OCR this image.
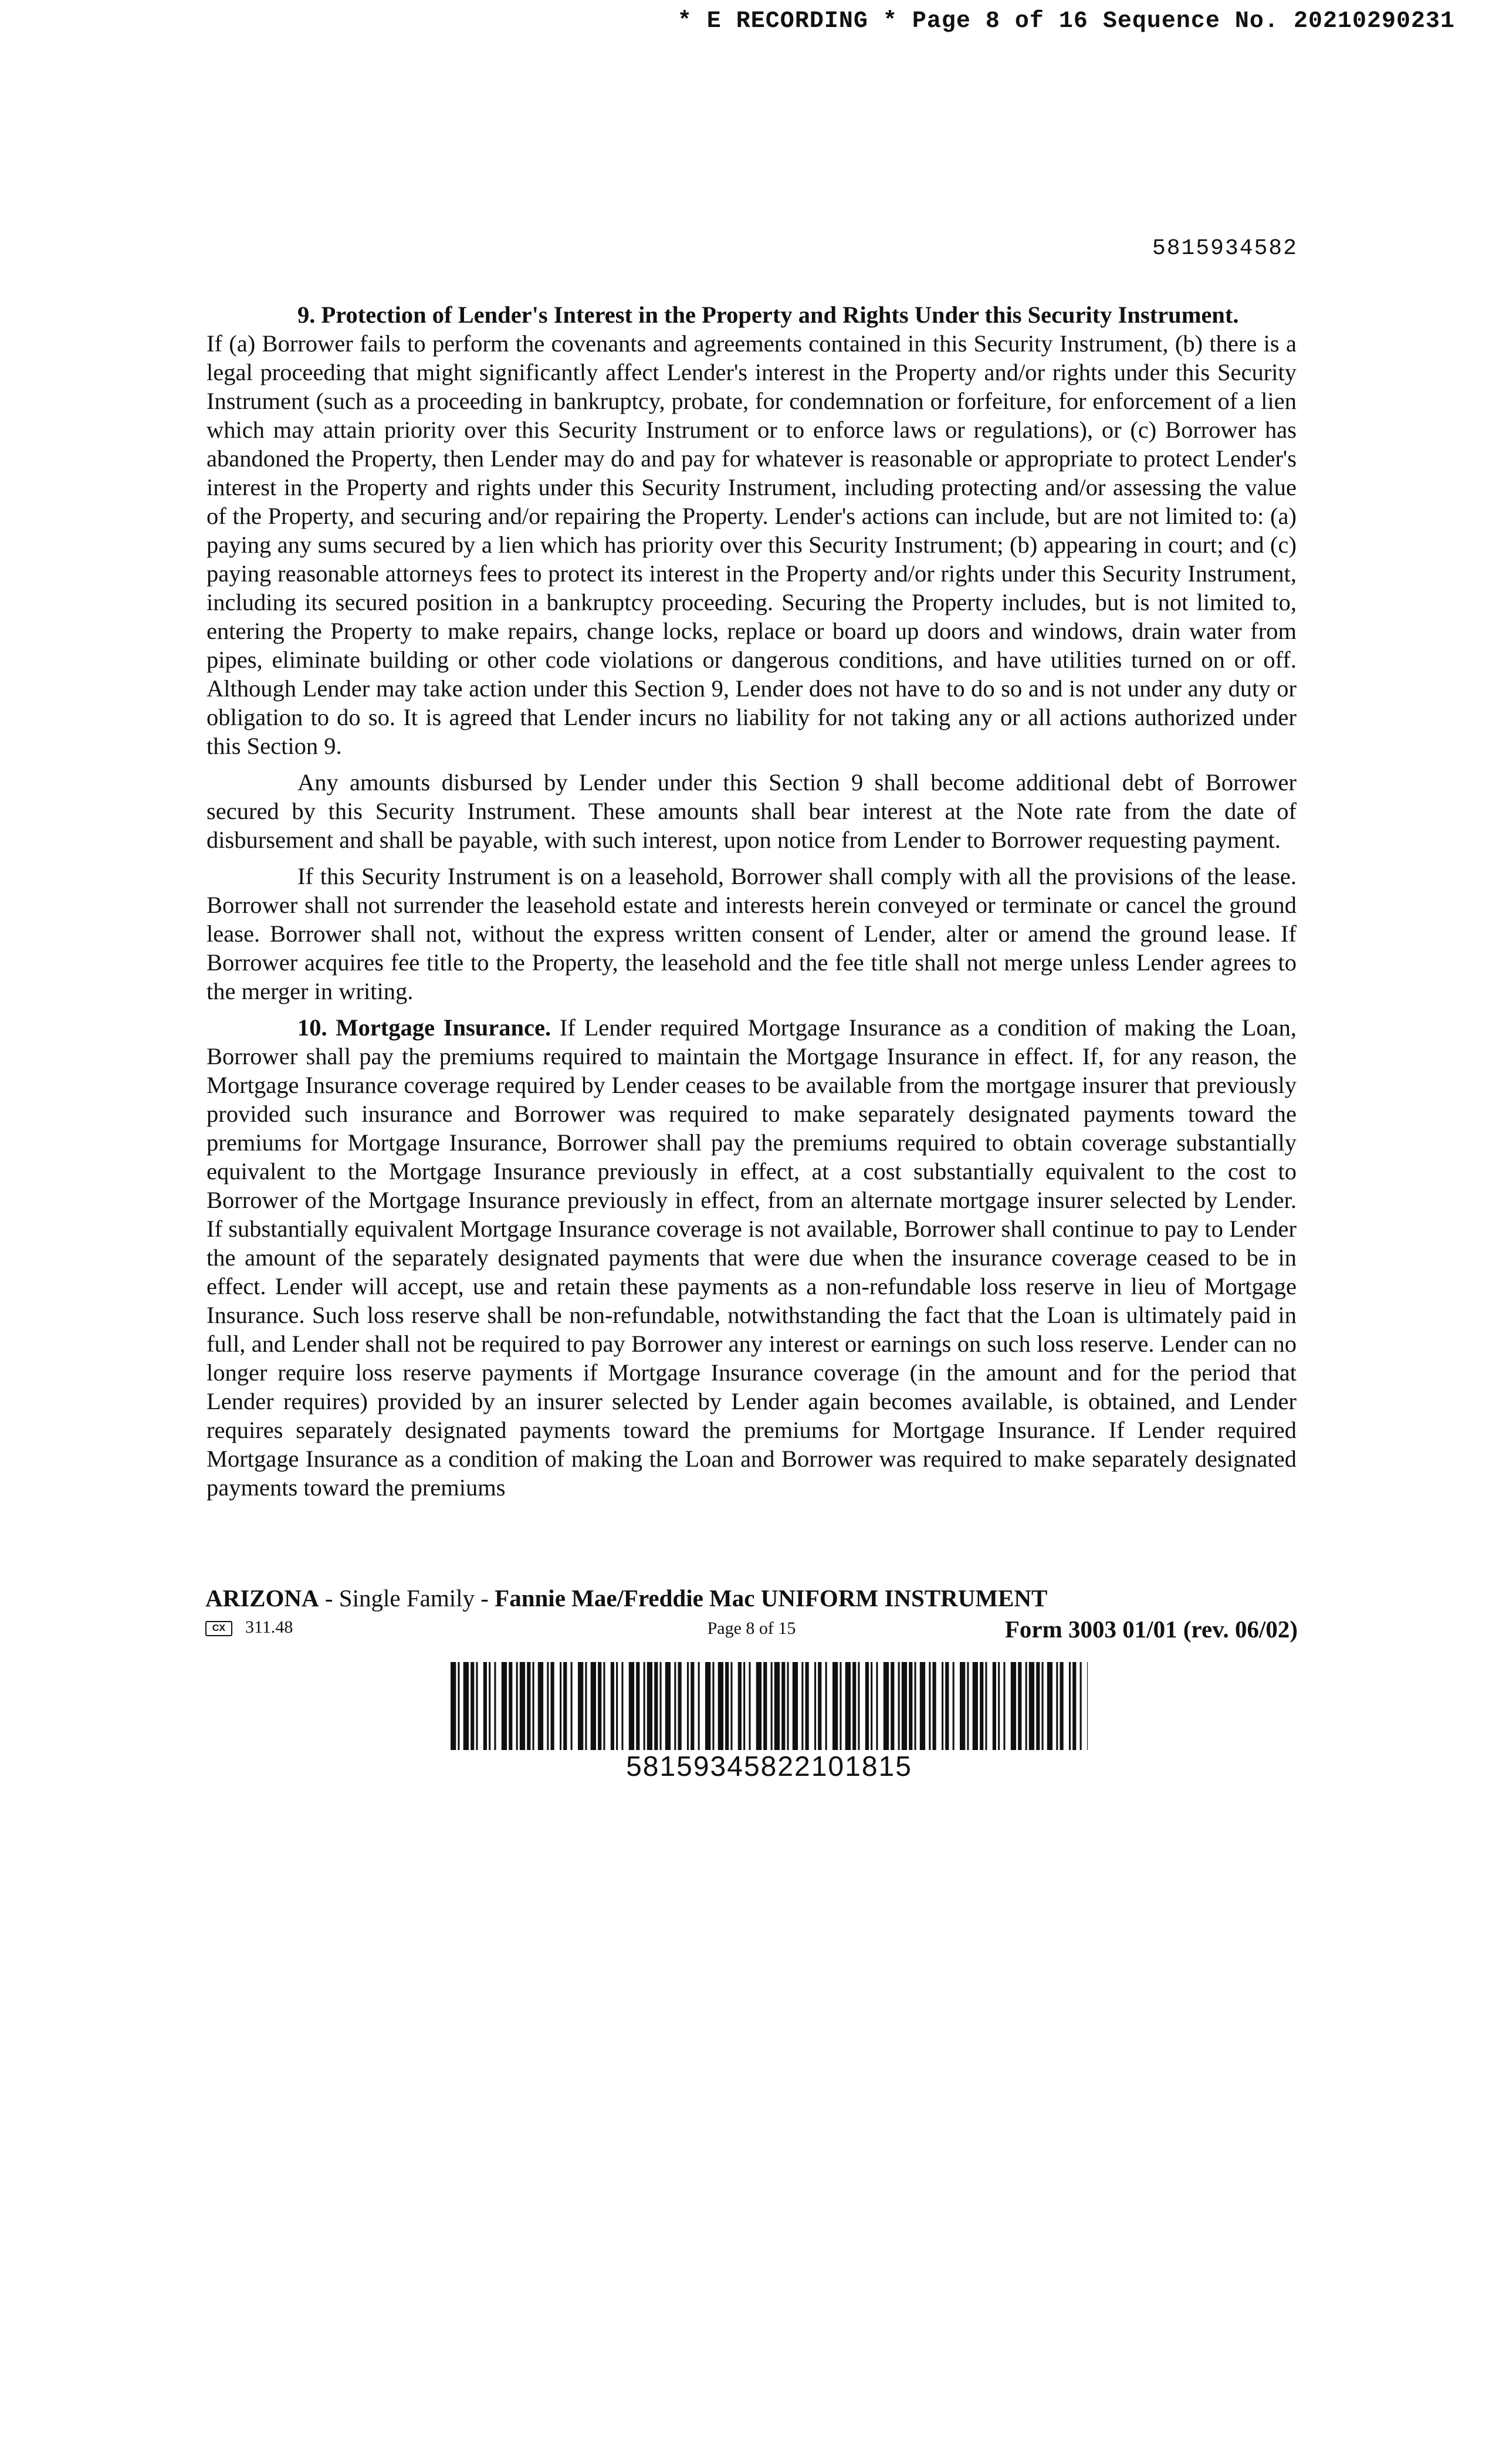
* E RECORDING * Page 8 of 16 Sequence No. 20210290231
5815934582

9. Protection of Lender's Interest in the Property and Rights Under this Security Instrument.

If (a) Borrower fails to perform the covenants and agreements contained in this Security Instrument, (b) there is a legal proceeding that might significantly affect Lender's interest in the Property and/or rights under this Security Instrument (such as a proceeding in bankruptcy, probate, for condemnation or forfeiture, for enforcement of a lien which may attain priority over this Security Instrument or to enforce laws or regulations), or (c) Borrower has abandoned the Property, then Lender may do and pay for whatever is reasonable or appropriate to protect Lender's interest in the Property and rights under this Security Instrument, including protecting and/or assessing the value of the Property, and securing and/or repairing the Property. Lender's actions can include, but are not limited to: (a) paying any sums secured by a lien which has priority over this Security Instrument; (b) appearing in court; and (c) paying reasonable attorneys fees to protect its interest in the Property and/or rights under this Security Instrument, including its secured position in a bankruptcy proceeding. Securing the Property includes, but is not limited to, entering the Property to make repairs, change locks, replace or board up doors and windows, drain water from pipes, eliminate building or other code violations or dangerous conditions, and have utilities turned on or off. Although Lender may take action under this Section 9, Lender does not have to do so and is not under any duty or obligation to do so. It is agreed that Lender incurs no liability for not taking any or all actions authorized under this Section 9.

Any amounts disbursed by Lender under this Section 9 shall become additional debt of Borrower secured by this Security Instrument. These amounts shall bear interest at the Note rate from the date of disbursement and shall be payable, with such interest, upon notice from Lender to Borrower requesting payment.

If this Security Instrument is on a leasehold, Borrower shall comply with all the provisions of the lease. Borrower shall not surrender the leasehold estate and interests herein conveyed or terminate or cancel the ground lease. Borrower shall not, without the express written consent of Lender, alter or amend the ground lease. If Borrower acquires fee title to the Property, the leasehold and the fee title shall not merge unless Lender agrees to the merger in writing.

10. Mortgage Insurance. If Lender required Mortgage Insurance as a condition of making the Loan, Borrower shall pay the premiums required to maintain the Mortgage Insurance in effect. If, for any reason, the Mortgage Insurance coverage required by Lender ceases to be available from the mortgage insurer that previously provided such insurance and Borrower was required to make separately designated payments toward the premiums for Mortgage Insurance, Borrower shall pay the premiums required to obtain coverage substantially equivalent to the Mortgage Insurance previously in effect, at a cost substantially equivalent to the cost to Borrower of the Mortgage Insurance previously in effect, from an alternate mortgage insurer selected by Lender. If substantially equivalent Mortgage Insurance coverage is not available, Borrower shall continue to pay to Lender the amount of the separately designated payments that were due when the insurance coverage ceased to be in effect. Lender will accept, use and retain these payments as a non-refundable loss reserve in lieu of Mortgage Insurance. Such loss reserve shall be non-refundable, notwithstanding the fact that the Loan is ultimately paid in full, and Lender shall not be required to pay Borrower any interest or earnings on such loss reserve. Lender can no longer require loss reserve payments if Mortgage Insurance coverage (in the amount and for the period that Lender requires) provided by an insurer selected by Lender again becomes available, is obtained, and Lender requires separately designated payments toward the premiums for Mortgage Insurance. If Lender required Mortgage Insurance as a condition of making the Loan and Borrower was required to make separately designated payments toward the premiums

ARIZONA - Single Family - Fannie Mae/Freddie Mac UNIFORM INSTRUMENT
CX 311.48	Page 8 of 15	Form 3003 01/01 (rev. 06/02)
58159345822101815
